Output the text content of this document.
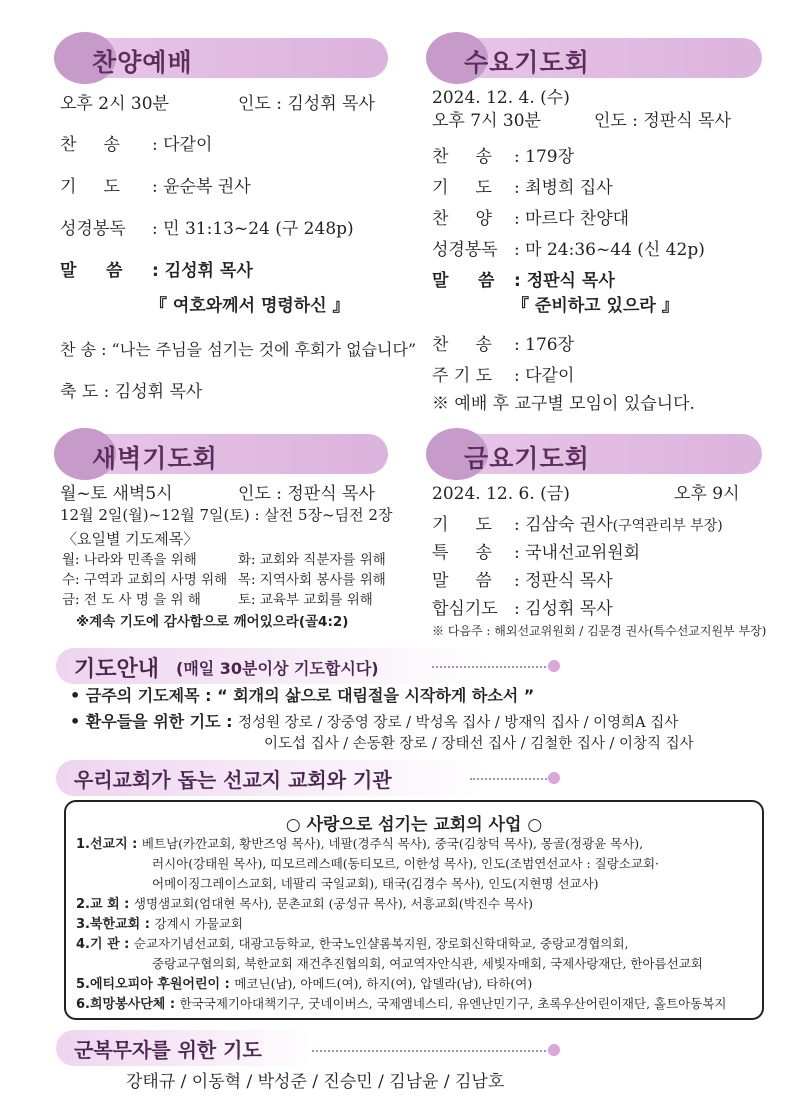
찬양예배
오후 2시 30분	인도 : 김성휘 목사
찬     송 : 다같이
기     도 : 윤순복 권사
성경봉독 : 민 31:13~24 (구 248p)
말     씀 : 김성휘 목사
『 여호와께서 명령하신 』
찬 송 : “나는 주님을 섬기는 것에 후회가 없습니다”
축 도 : 김성휘 목사
수요기도회
2024. 12. 4. (수)
오후 7시 30분	인도 : 정판식 목사
찬     송 : 179장
기     도 : 최병희 집사
찬     양 : 마르다 찬양대
성경봉독 : 마 24:36~44 (신 42p)
말     씀 : 정판식 목사
『 준비하고 있으라 』
찬     송 : 176장
주 기 도 : 다같이
※ 예배 후 교구별 모임이 있습니다.
새벽기도회
월~토 새벽5시	인도 : 정판식 목사
12월 2일(월)~12월 7일(토) : 살전 5장~딤전 2장
〈요일별 기도제목〉
월: 나라와 민족을 위해	화: 교회와 직분자를 위해
수: 구역과 교회의 사명 위해 목: 지역사회 봉사를 위해
금: 전 도 사 명 을 위 해	토: 교육부 교회를 위해
※계속 기도에 감사함으로 깨어있으라(골4:2)
금요기도회
2024. 12. 6. (금)	오후 9시
기     도 : 김삼숙 권사(구역관리부 부장)
특     송 : 국내선교위원회
말     씀 : 정판식 목사
합심기도 : 김성휘 목사
※ 다음주 : 해외선교위원회 / 김문경 권사(특수선교지원부 부장)
기도안내 (매일 30분이상 기도합시다)
• 금주의 기도제목 : “ 회개의 삶으로 대림절을 시작하게 하소서 ”
• 환우들을 위한 기도 : 정성원 장로 / 장중영 장로 / 박성옥 집사 / 방재익 집사 / 이영희A 집사
이도섭 집사 / 손동환 장로 / 장태선 집사 / 김철한 집사 / 이창직 집사
우리교회가 돕는 선교지 교회와 기관
○ 사랑으로 섬기는 교회의 사업 ○
1.선교지 : 베트남(카깐교회, 황반즈엉 목사), 네팔(경주식 목사), 중국(김창덕 목사), 몽골(정광윤 목사),
러시아(강태원 목사), 띠모르레스떼(동티모르, 이한성 목사), 인도(조범연선교사 : 질랑소교회·
어메이징그레이스교회, 네팔리 국일교회), 태국(김경수 목사), 인도(지현명 선교사)
2.교 회 : 생명샘교회(엄대현 목사), 문촌교회 (공성규 목사), 서흥교회(박진수 목사)
3.북한교회 : 강계시 가물교회
4.기 관 : 순교자기념선교회, 대광고등학교, 한국노인샬롬복지원, 장로회신학대학교, 중랑교경협의회,
중랑교구협의회, 북한교회 재건추진협의회, 여교역자안식관, 세빛자매회, 국제사랑재단, 한아름선교회
5.에티오피아 후원어린이 : 메코닌(남), 아메드(여), 하지(여), 압델라(남), 타하(여)
6.희망봉사단체 : 한국국제기아대책기구, 굿네이버스, 국제앰네스티, 유엔난민기구, 초록우산어린이재단, 홀트아동복지
군복무자를 위한 기도
강태규 / 이동혁 / 박성준 / 진승민 / 김남윤 / 김남호
